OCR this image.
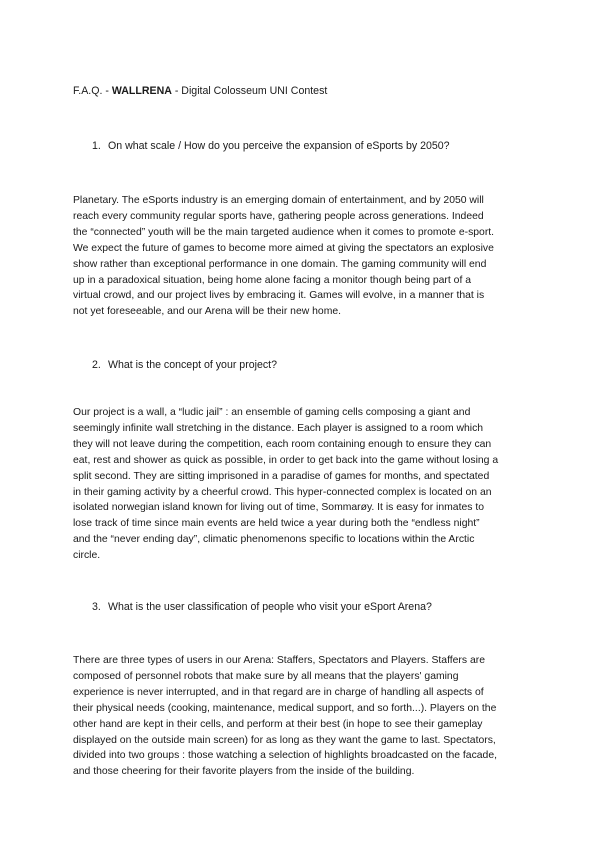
F.A.Q. - WALLRENA - Digital Colosseum UNI Contest
1. On what scale / How do you perceive the expansion of eSports by 2050?
Planetary. The eSports industry is an emerging domain of entertainment, and by 2050 will
reach every community regular sports have, gathering people across generations. Indeed
the “connected” youth will be the main targeted audience when it comes to promote e-sport.
We expect the future of games to become more aimed at giving the spectators an explosive
show rather than exceptional performance in one domain. The gaming community will end
up in a paradoxical situation, being home alone facing a monitor though being part of a
virtual crowd, and our project lives by embracing it. Games will evolve, in a manner that is
not yet foreseeable, and our Arena will be their new home.
2. What is the concept of your project?
Our project is a wall, a “ludic jail” : an ensemble of gaming cells composing a giant and
seemingly infinite wall stretching in the distance. Each player is assigned to a room which
they will not leave during the competition, each room containing enough to ensure they can
eat, rest and shower as quick as possible, in order to get back into the game without losing a
split second. They are sitting imprisoned in a paradise of games for months, and spectated
in their gaming activity by a cheerful crowd. This hyper-connected complex is located on an
isolated norwegian island known for living out of time, Sommarøy. It is easy for inmates to
lose track of time since main events are held twice a year during both the “endless night”
and the “never ending day”, climatic phenomenons specific to locations within the Arctic
circle.
3. What is the user classification of people who visit your eSport Arena?
There are three types of users in our Arena: Staffers, Spectators and Players. Staffers are
composed of personnel robots that make sure by all means that the players' gaming
experience is never interrupted, and in that regard are in charge of handling all aspects of
their physical needs (cooking, maintenance, medical support, and so forth...). Players on the
other hand are kept in their cells, and perform at their best (in hope to see their gameplay
displayed on the outside main screen) for as long as they want the game to last. Spectators,
divided into two groups : those watching a selection of highlights broadcasted on the facade,
and those cheering for their favorite players from the inside of the building.
